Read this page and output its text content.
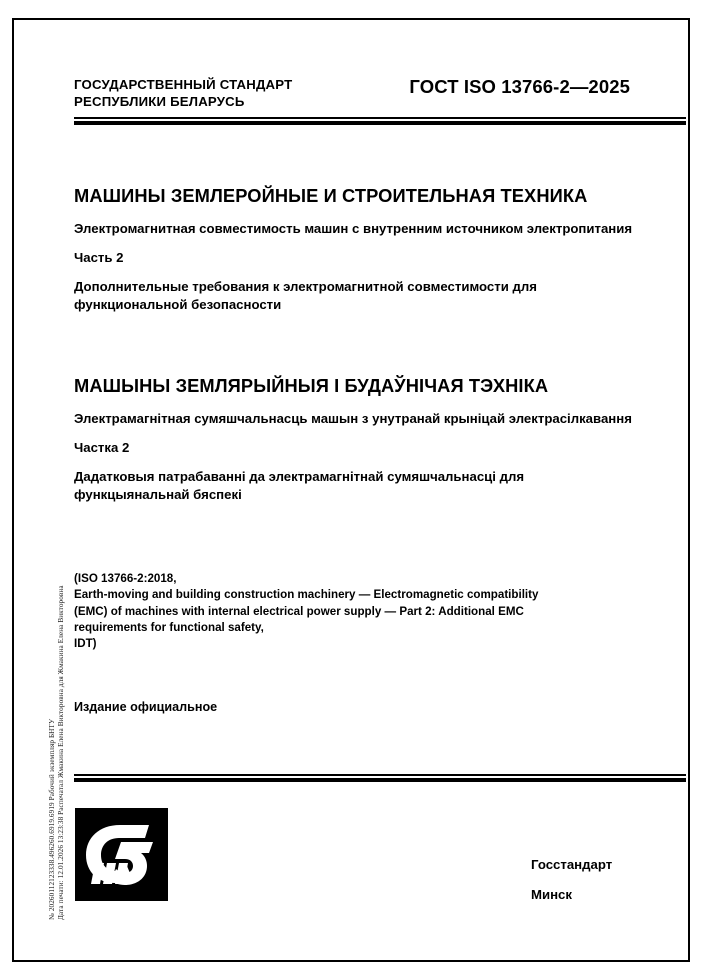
№ 20260112123338.496260.6919.6919 Рабочий экземпляр БНТУ Дата печати: 12.01.2026 13:23:38 Распечатал Жмакина Елена Викторовна для Жмакина Елена Викторовна
ГОСУДАРСТВЕННЫЙ СТАНДАРТ
РЕСПУБЛИКИ БЕЛАРУСЬ
ГОСТ ISO 13766-2—2025
МАШИНЫ ЗЕМЛЕРОЙНЫЕ И СТРОИТЕЛЬНАЯ ТЕХНИКА
Электромагнитная совместимость машин с внутренним источником электропитания
Часть 2
Дополнительные требования к электромагнитной совместимости для функциональной безопасности
МАШЫНЫ ЗЕМЛЯРЫЙНЫЯ І БУДАЎНІЧАЯ ТЭХНІКА
Электрамагнітная сумяшчальнасць машын з унутранай крыніцай электрасілкавання
Частка 2
Дадатковыя патрабаванні да электрамагнітнай сумяшчальнасці для функцыянальнай бяспекі
(ISO 13766-2:2018,
Earth-moving and building construction machinery — Electromagnetic compatibility
(EMC) of machines with internal electrical power supply — Part 2: Additional EMC
requirements for functional safety,
IDT)
Издание официальное
Госстандарт
Минск
